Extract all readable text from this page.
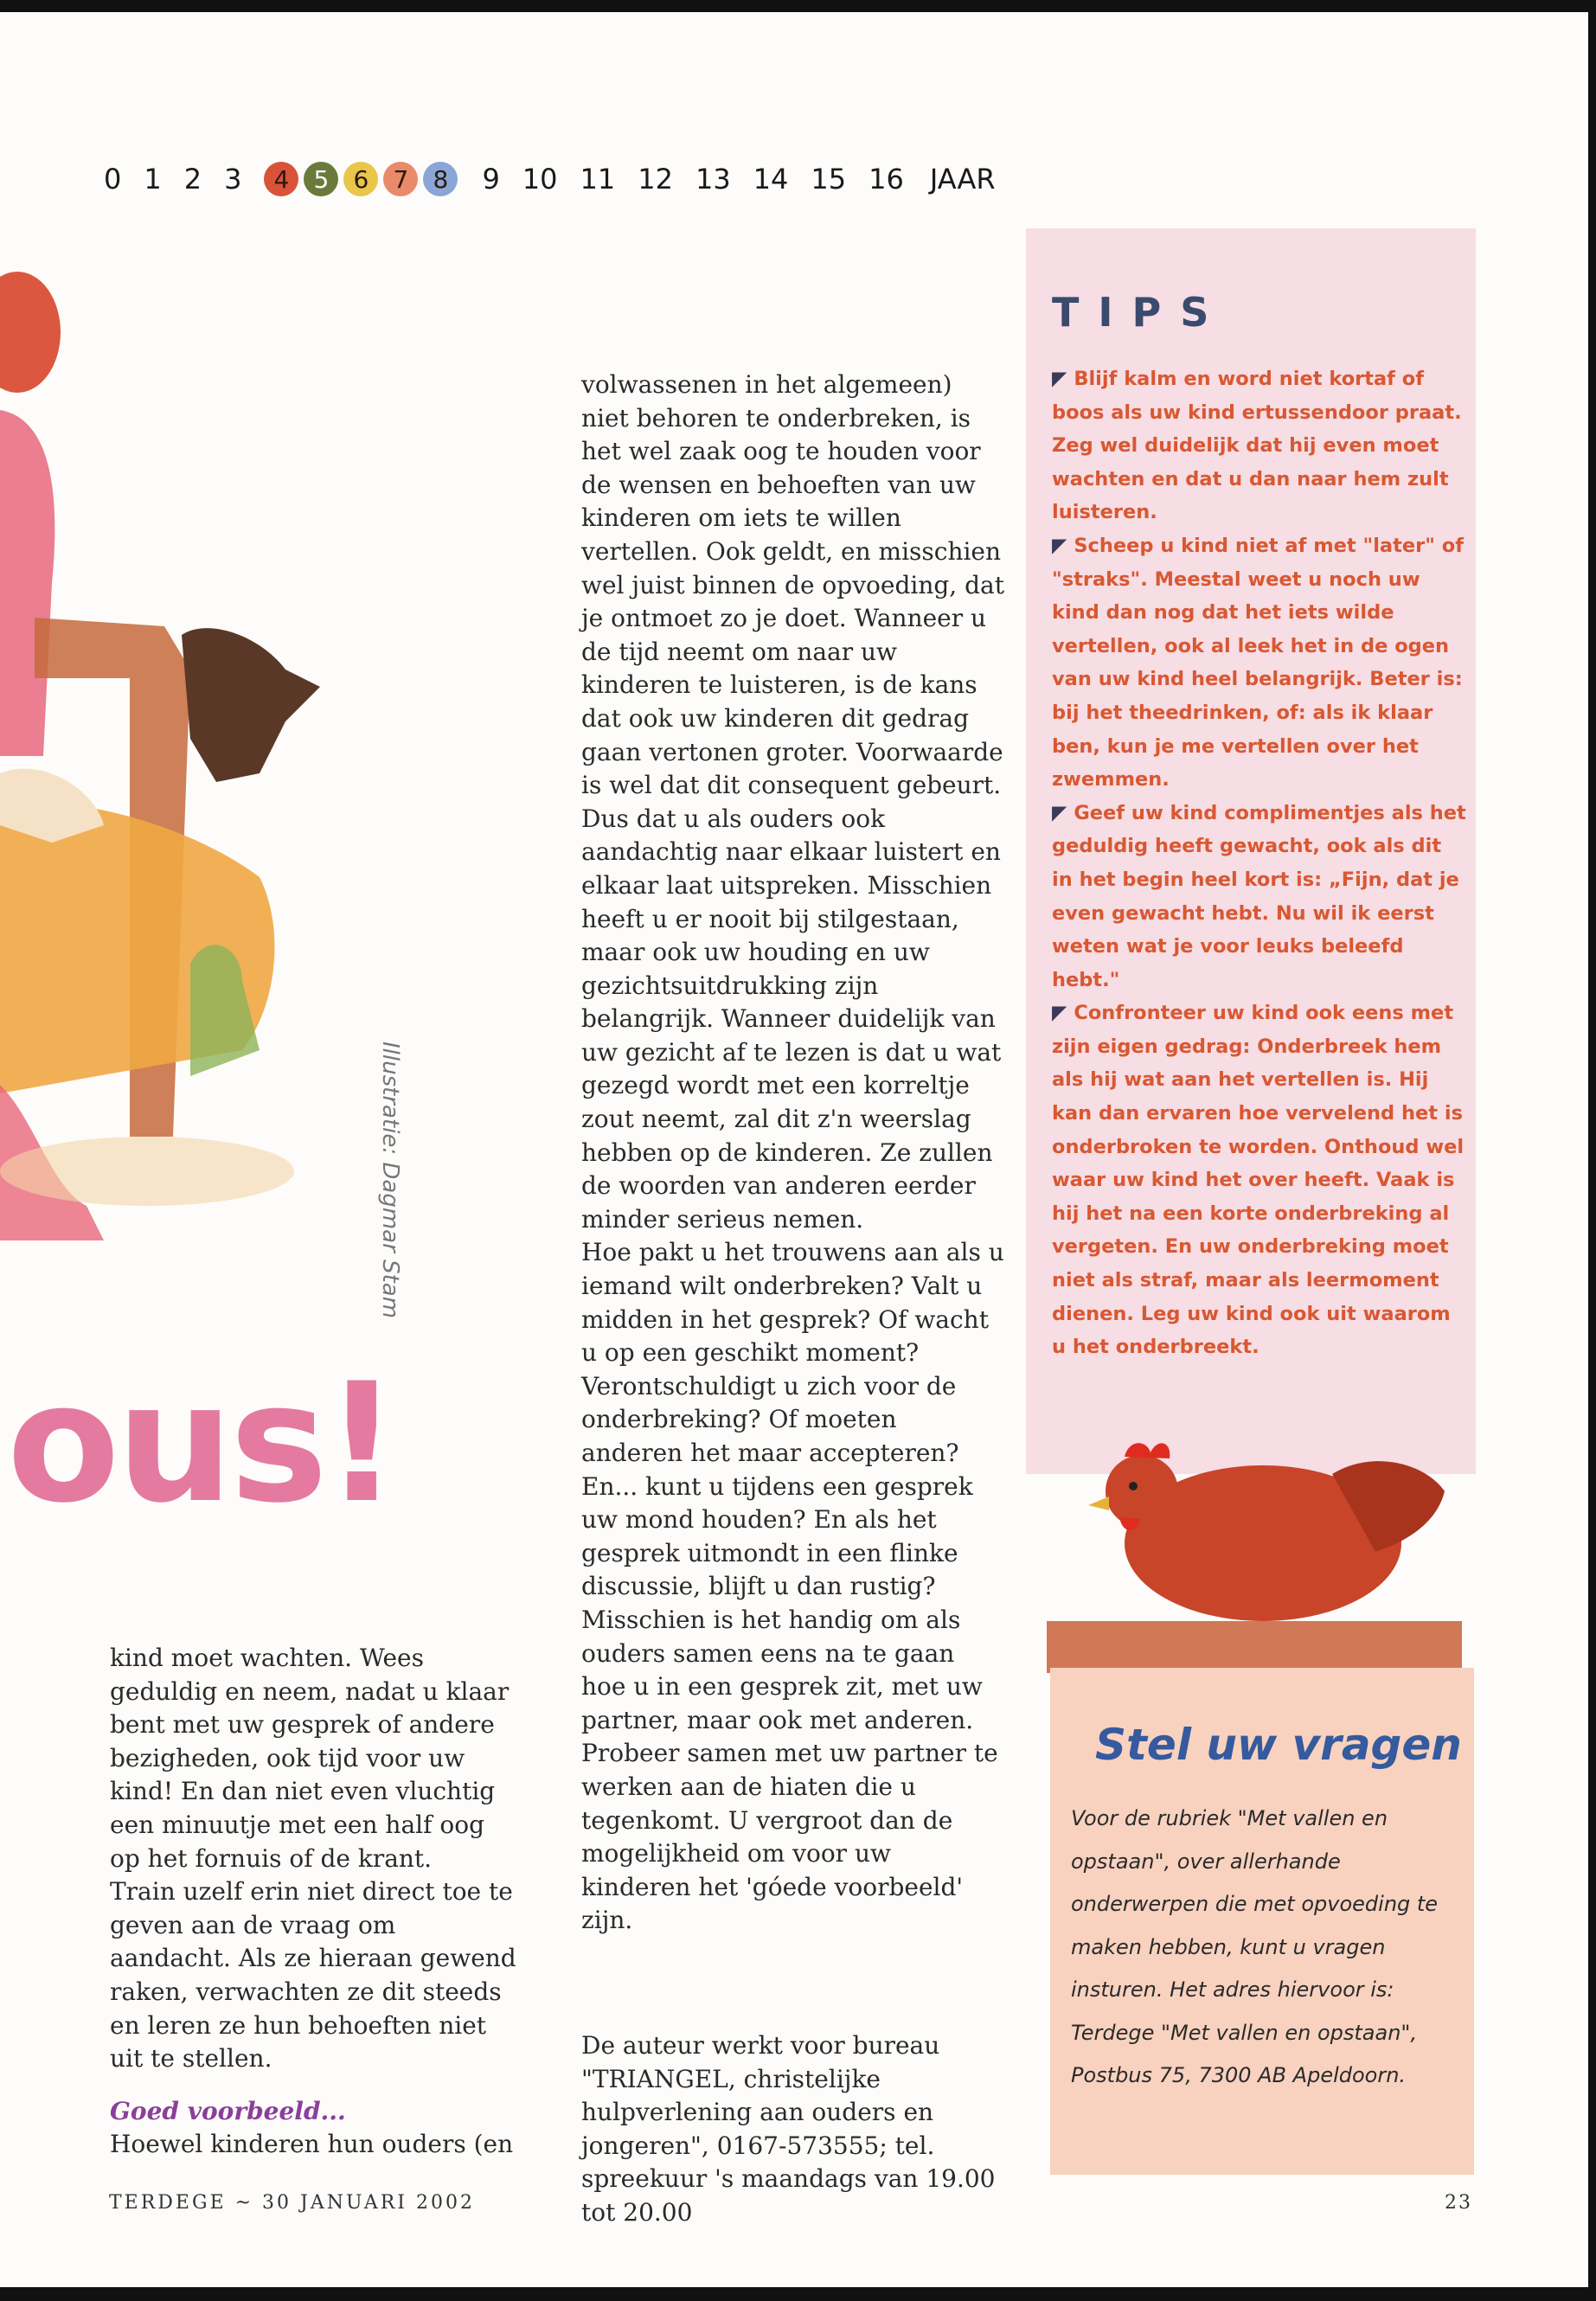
0 1 2 3	4	5	6	7	8	9 10 11 12 13 14 15 16 JAAR
Illustratie: Dagmar Stam
ous!

kind moet wachten. Wees geduldig en neem, nadat u klaar bent met uw gesprek of andere bezigheden, ook tijd voor uw kind! En dan niet even vluchtig een minuutje met een half oog op het fornuis of de krant.

Train uzelf erin niet direct toe te geven aan de vraag om aandacht. Als ze hieraan gewend raken, verwachten ze dit steeds en leren ze hun behoeften niet uit te stellen.

Goed voorbeeld...

Hoewel kinderen hun ouders (en

volwassenen in het algemeen) niet behoren te onderbreken, is het wel zaak oog te houden voor de wensen en behoeften van uw kinderen om iets te willen vertellen. Ook geldt, en misschien wel juist binnen de opvoeding, dat je ontmoet zo je doet. Wanneer u de tijd neemt om naar uw kinderen te luisteren, is de kans dat ook uw kinderen dit gedrag gaan vertonen groter. Voorwaarde is wel dat dit consequent gebeurt. Dus dat u als ouders ook aandachtig naar elkaar luistert en elkaar laat uitspreken. Misschien heeft u er nooit bij stilgestaan, maar ook uw houding en uw gezichtsuitdrukking zijn belangrijk. Wanneer duidelijk van uw gezicht af te lezen is dat u wat gezegd wordt met een korreltje zout neemt, zal dit z'n weerslag hebben op de kinderen. Ze zullen de woorden van anderen eerder minder serieus nemen.

Hoe pakt u het trouwens aan als u iemand wilt onderbreken? Valt u midden in het gesprek? Of wacht u op een geschikt moment? Verontschuldigt u zich voor de onderbreking? Of moeten anderen het maar accepteren?

En... kunt u tijdens een gesprek uw mond houden? En als het gesprek uitmondt in een flinke discussie, blijft u dan rustig?

Misschien is het handig om als ouders samen eens na te gaan hoe u in een gesprek zit, met uw partner, maar ook met anderen. Probeer samen met uw partner te werken aan de hiaten die u tegenkomt. U vergroot dan de mogelijkheid om voor uw kinderen het 'góede voorbeeld' zijn.

De auteur werkt voor bureau "TRIANGEL, christelijke hulpverlening aan ouders en jongeren", 0167-573555; tel. spreekuur 's maandags van 19.00 tot 20.00

TIPS

◤ Blijf kalm en word niet kortaf of boos als uw kind ertussendoor praat. Zeg wel duidelijk dat hij even moet wachten en dat u dan naar hem zult luisteren.

◤ Scheep u kind niet af met "later" of "straks". Meestal weet u noch uw kind dan nog dat het iets wilde vertellen, ook al leek het in de ogen van uw kind heel belangrijk. Beter is: bij het theedrinken, of: als ik klaar ben, kun je me vertellen over het zwemmen.

◤ Geef uw kind complimentjes als het geduldig heeft gewacht, ook als dit in het begin heel kort is: „Fijn, dat je even gewacht hebt. Nu wil ik eerst weten wat je voor leuks beleefd hebt."

◤ Confronteer uw kind ook eens met zijn eigen gedrag: Onderbreek hem als hij wat aan het vertellen is. Hij kan dan ervaren hoe vervelend het is onderbroken te worden. Onthoud wel waar uw kind het over heeft. Vaak is hij het na een korte onderbreking al vergeten. En uw onderbreking moet niet als straf, maar als leermoment dienen. Leg uw kind ook uit waarom u het onderbreekt.

Stel uw vragen
Voor de rubriek "Met vallen en opstaan", over allerhande onderwerpen die met opvoeding te maken hebben, kunt u vragen insturen. Het adres hiervoor is: Terdege "Met vallen en opstaan", Postbus 75, 7300 AB Apeldoorn.
TERDEGE ~ 30 JANUARI 2002	23
